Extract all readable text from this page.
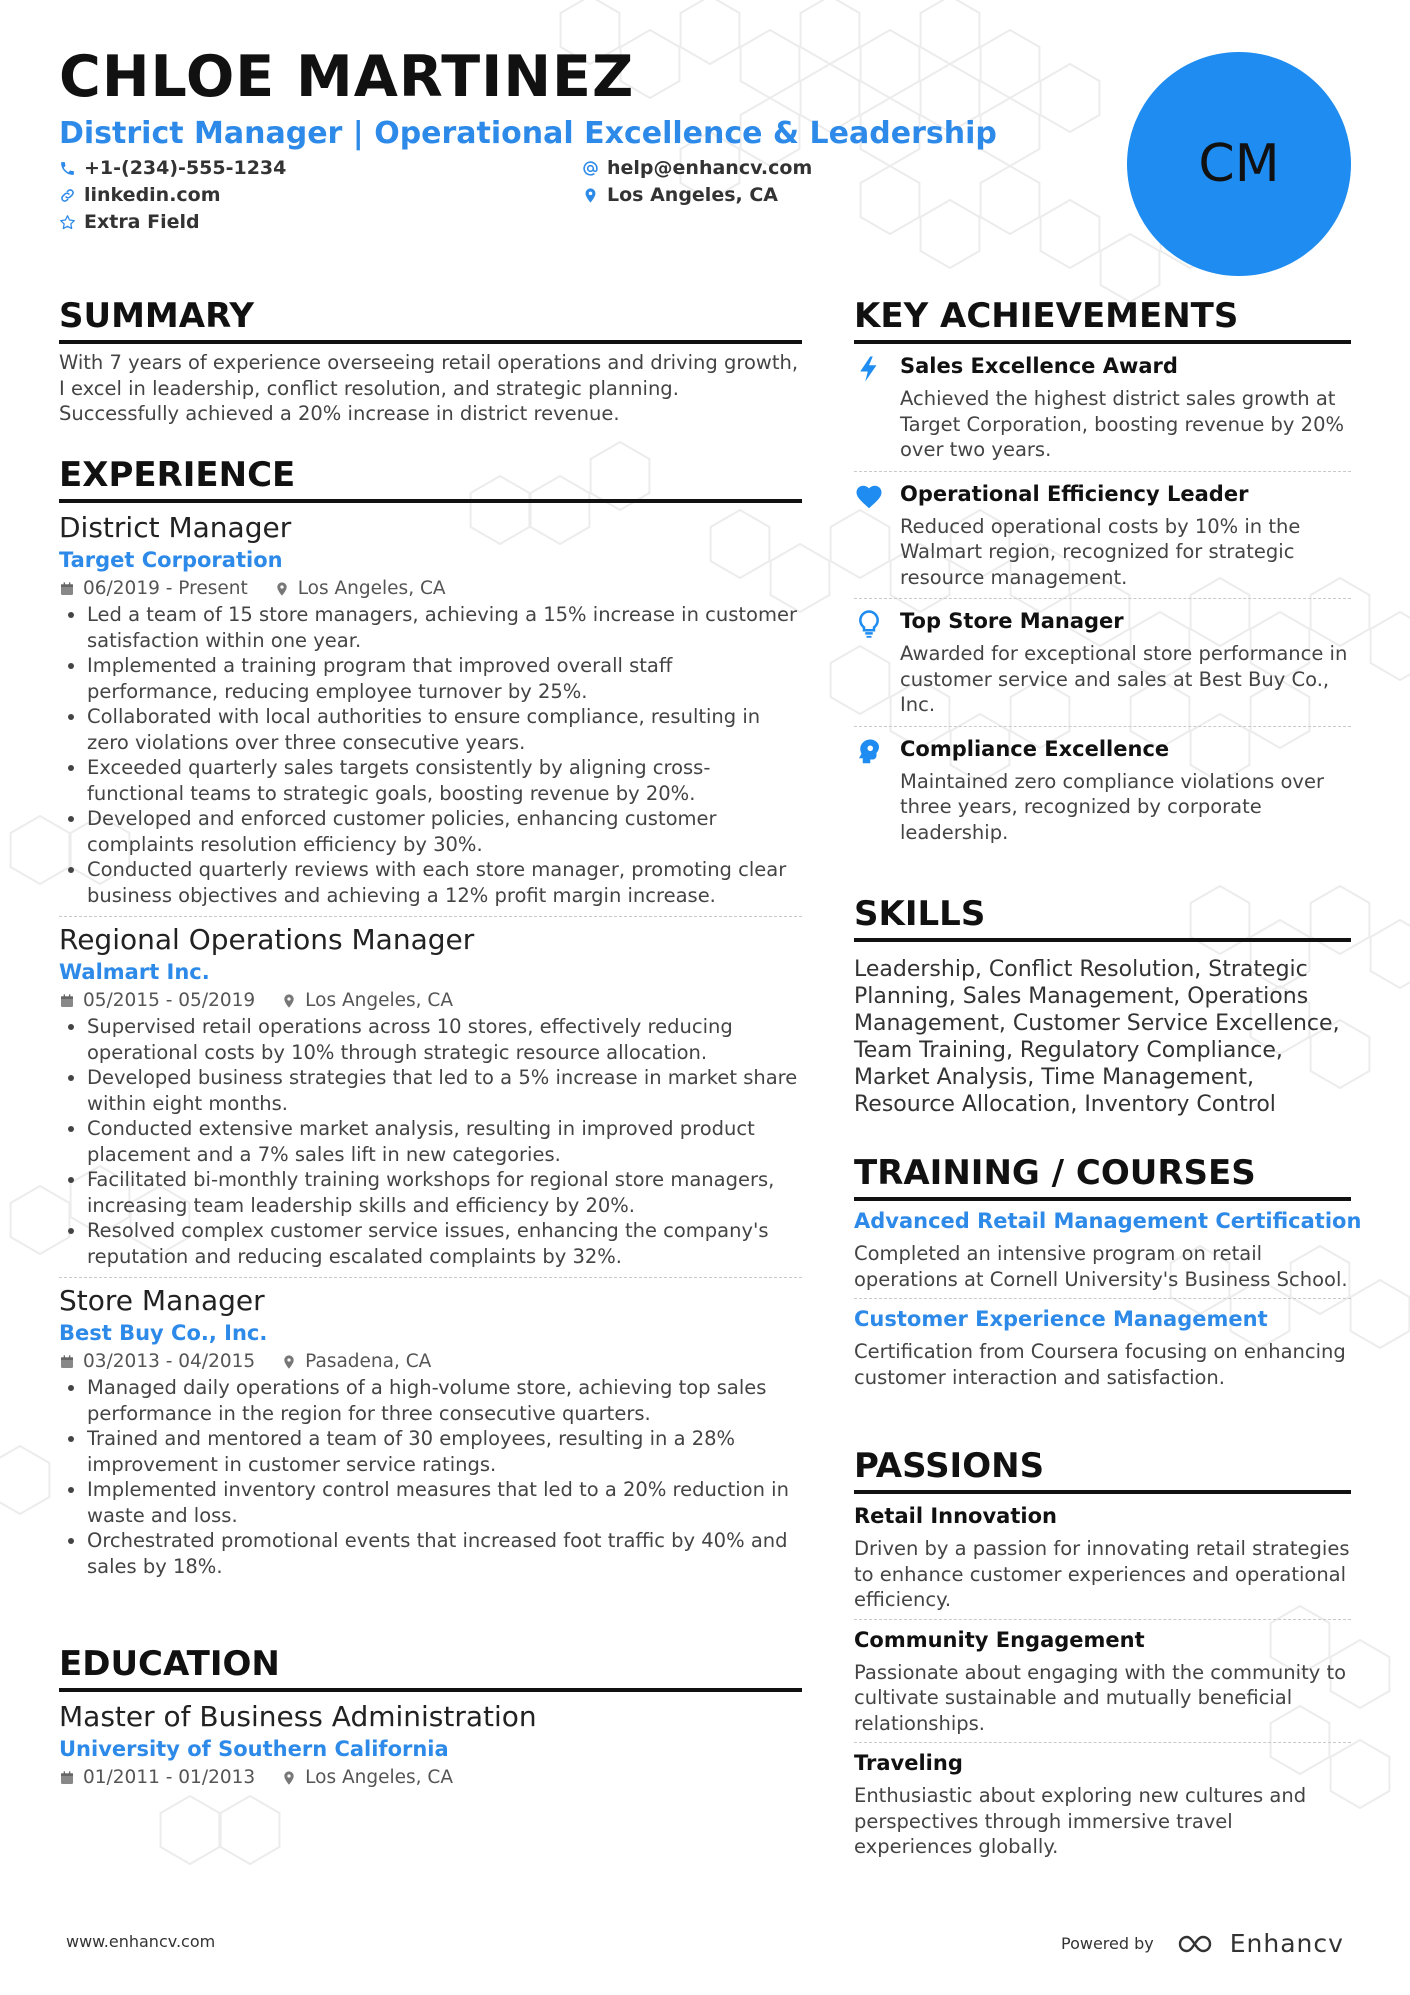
CHLOE MARTINEZ
District Manager | Operational Excellence & Leadership
+1-(234)-555-1234	help@enhancv.com
linkedin.com	Los Angeles, CA
Extra Field
CM
SUMMARY
With 7 years of experience overseeing retail operations and driving growth, I excel in leadership, conflict resolution, and strategic planning. Successfully achieved a 20% increase in district revenue.
EXPERIENCE
District Manager
Target Corporation
06/2019 - Present	Los Angeles, CA
• Led a team of 15 store managers, achieving a 15% increase in customer satisfaction within one year.
• Implemented a training program that improved overall staff performance, reducing employee turnover by 25%.
• Collaborated with local authorities to ensure compliance, resulting in zero violations over three consecutive years.
• Exceeded quarterly sales targets consistently by aligning cross-functional teams to strategic goals, boosting revenue by 20%.
• Developed and enforced customer policies, enhancing customer complaints resolution efficiency by 30%.
• Conducted quarterly reviews with each store manager, promoting clear business objectives and achieving a 12% profit margin increase.
Regional Operations Manager
Walmart Inc.
05/2015 - 05/2019	Los Angeles, CA
• Supervised retail operations across 10 stores, effectively reducing operational costs by 10% through strategic resource allocation.
• Developed business strategies that led to a 5% increase in market share within eight months.
• Conducted extensive market analysis, resulting in improved product placement and a 7% sales lift in new categories.
• Facilitated bi-monthly training workshops for regional store managers, increasing team leadership skills and efficiency by 20%.
• Resolved complex customer service issues, enhancing the company's reputation and reducing escalated complaints by 32%.
Store Manager
Best Buy Co., Inc.
03/2013 - 04/2015	Pasadena, CA
• Managed daily operations of a high-volume store, achieving top sales performance in the region for three consecutive quarters.
• Trained and mentored a team of 30 employees, resulting in a 28% improvement in customer service ratings.
• Implemented inventory control measures that led to a 20% reduction in waste and loss.
• Orchestrated promotional events that increased foot traffic by 40% and sales by 18%.
EDUCATION
Master of Business Administration
University of Southern California
01/2011 - 01/2013	Los Angeles, CA
KEY ACHIEVEMENTS
Sales Excellence Award
Achieved the highest district sales growth at Target Corporation, boosting revenue by 20% over two years.
Operational Efficiency Leader
Reduced operational costs by 10% in the Walmart region, recognized for strategic resource management.
Top Store Manager
Awarded for exceptional store performance in customer service and sales at Best Buy Co., Inc.
Compliance Excellence
Maintained zero compliance violations over three years, recognized by corporate leadership.
SKILLS
Leadership, Conflict Resolution, Strategic Planning, Sales Management, Operations Management, Customer Service Excellence, Team Training, Regulatory Compliance, Market Analysis, Time Management, Resource Allocation, Inventory Control
TRAINING / COURSES
Advanced Retail Management Certification
Completed an intensive program on retail operations at Cornell University's Business School.
Customer Experience Management
Certification from Coursera focusing on enhancing customer interaction and satisfaction.
PASSIONS
Retail Innovation
Driven by a passion for innovating retail strategies to enhance customer experiences and operational efficiency.
Community Engagement
Passionate about engaging with the community to cultivate sustainable and mutually beneficial relationships.
Traveling
Enthusiastic about exploring new cultures and perspectives through immersive travel experiences globally.
www.enhancv.com	Powered by	Enhancv
